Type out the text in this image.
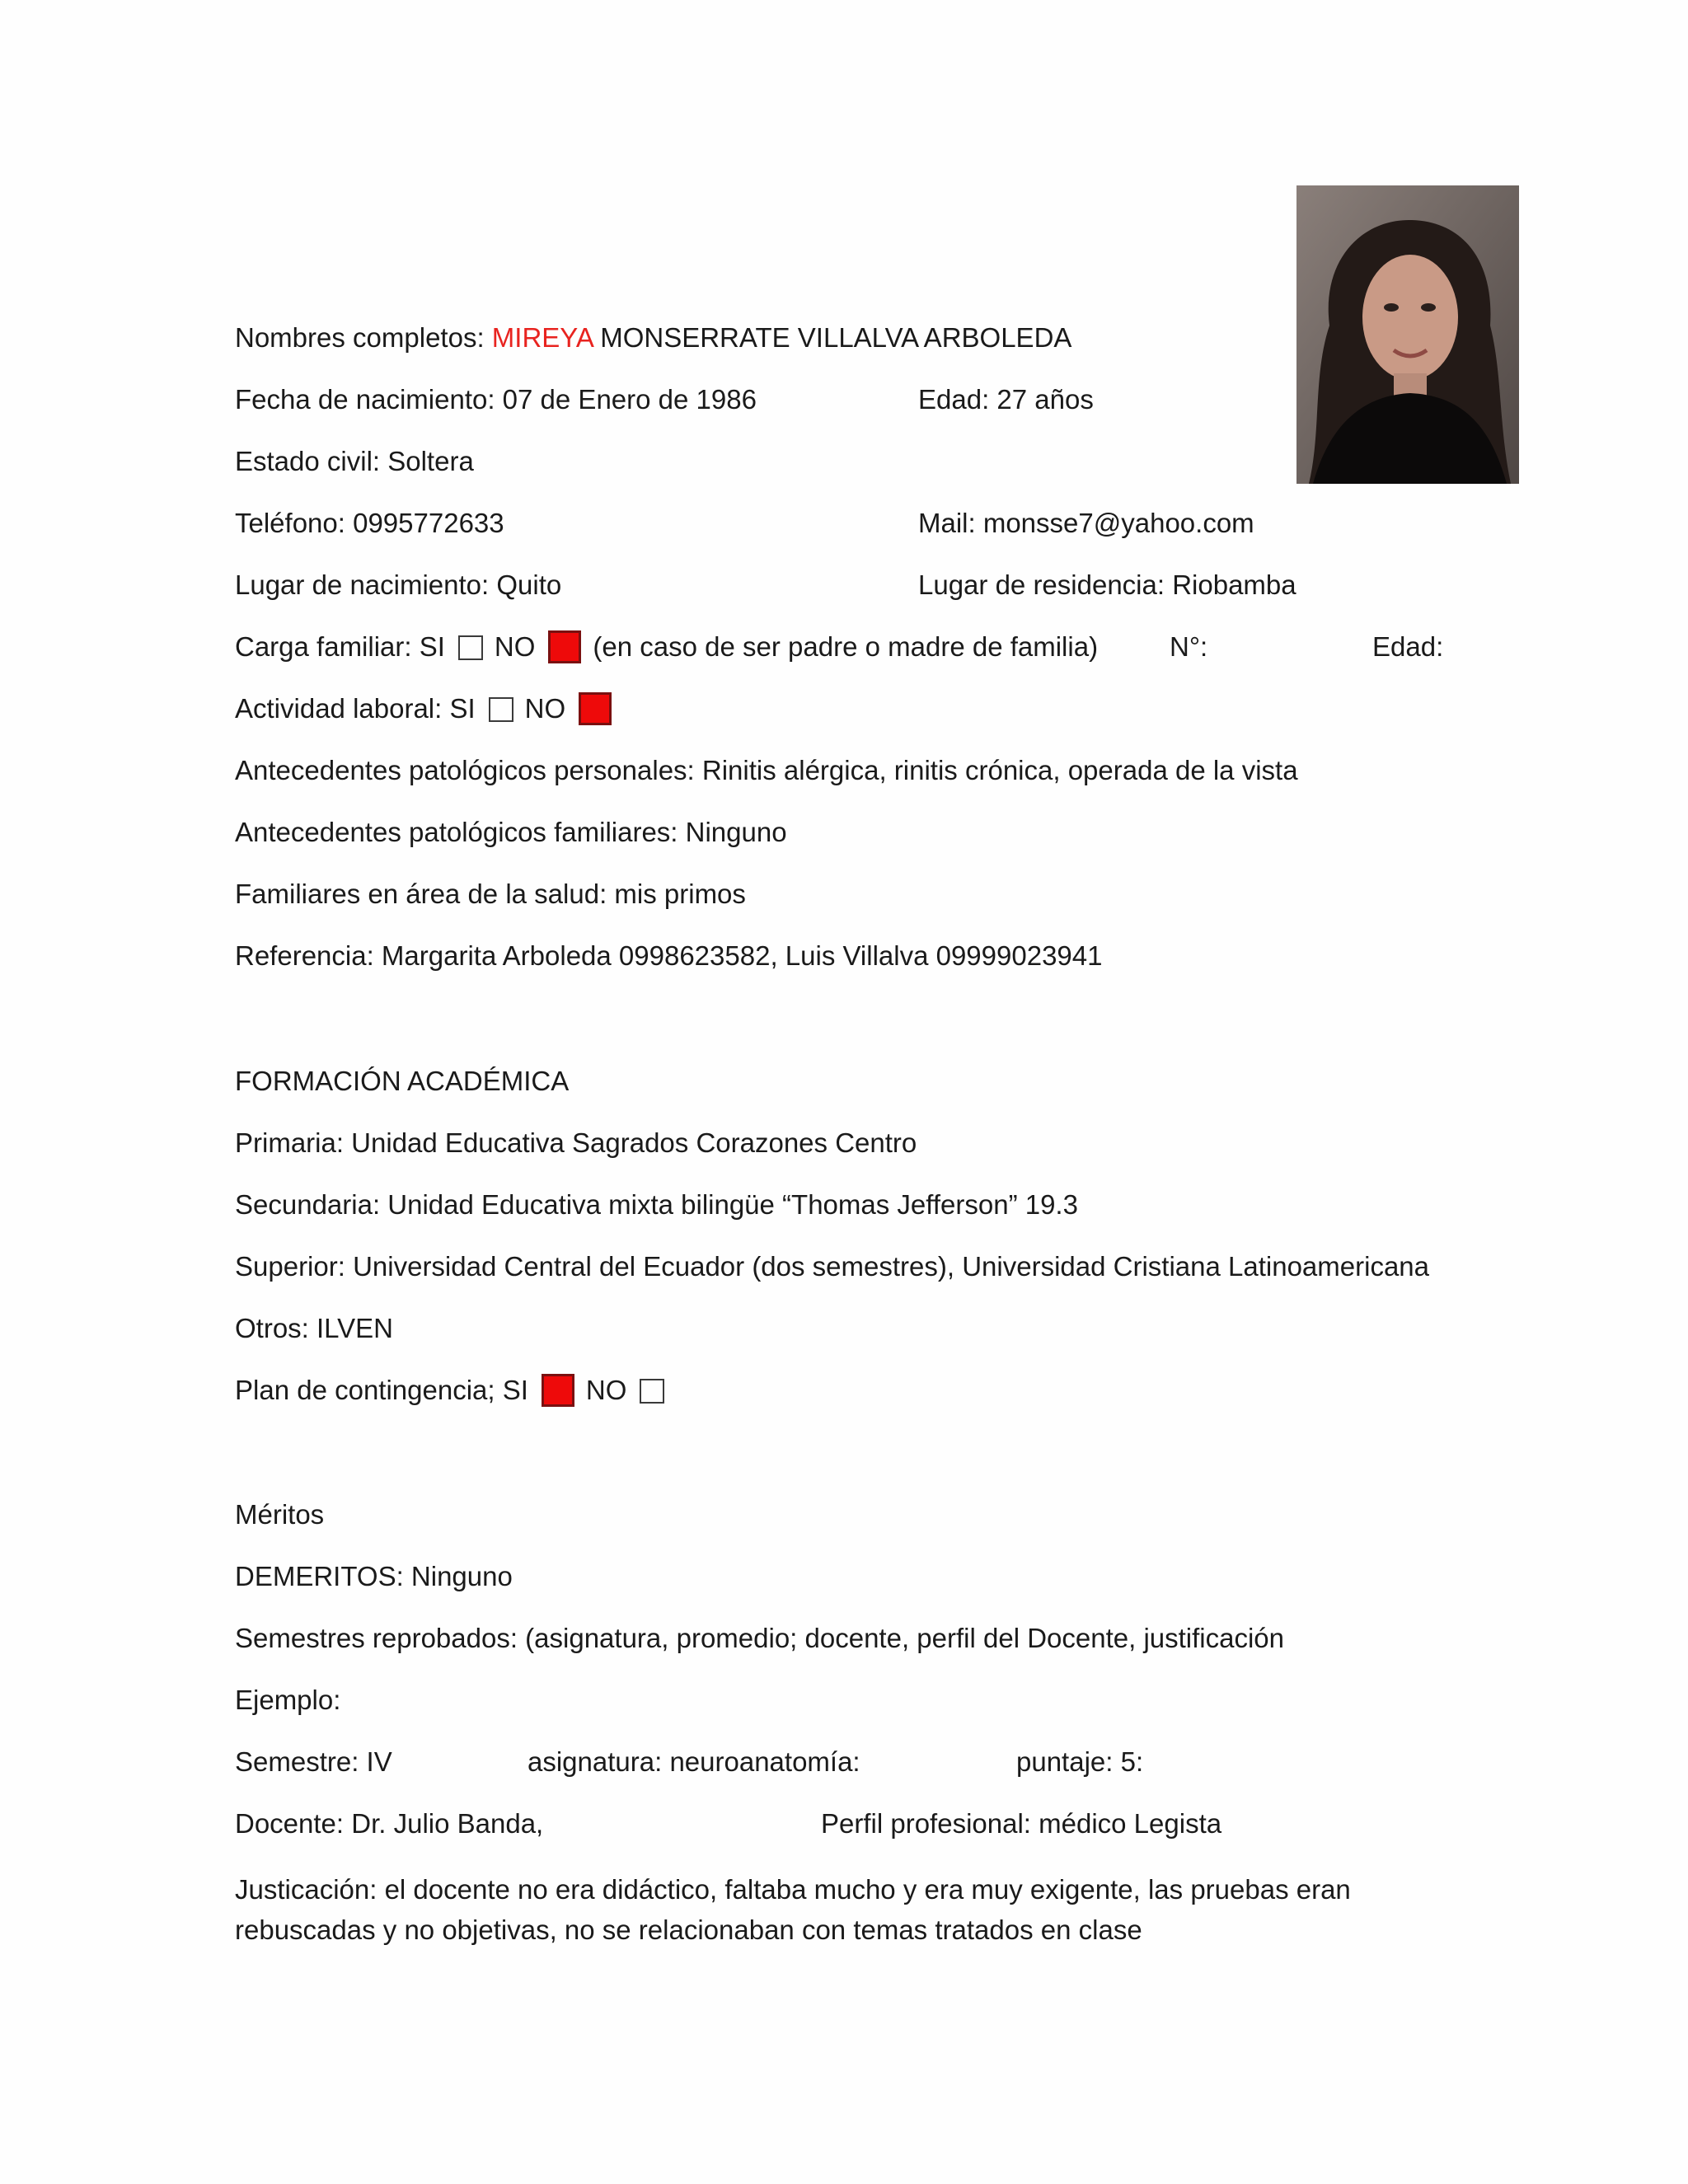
Nombres completos: MIREYA MONSERRATE VILLALVA ARBOLEDA
Fecha de nacimiento: 07 de Enero de 1986	Edad: 27 años
Estado civil: Soltera
Teléfono: 0995772633	Mail: monsse7@yahoo.com
Lugar de nacimiento: Quito	Lugar de residencia: Riobamba
Carga familiar: SI NO (en caso de ser padre o madre de familia)	N°:	Edad:
Actividad laboral: SI NO
Antecedentes patológicos personales: Rinitis alérgica, rinitis crónica, operada de la vista
Antecedentes patológicos familiares: Ninguno
Familiares en área de la salud: mis primos
Referencia: Margarita Arboleda 0998623582, Luis Villalva 09999023941
FORMACIÓN ACADÉMICA
Primaria: Unidad Educativa Sagrados Corazones Centro
Secundaria: Unidad Educativa mixta bilingüe “Thomas Jefferson” 19.3
Superior: Universidad Central del Ecuador (dos semestres), Universidad Cristiana Latinoamericana
Otros: ILVEN
Plan de contingencia; SI NO
Méritos
DEMERITOS: Ninguno
Semestres reprobados: (asignatura, promedio; docente, perfil del Docente, justificación
Ejemplo:
Semestre: IV	asignatura: neuroanatomía:	puntaje: 5:
Docente: Dr. Julio Banda,	Perfil profesional: médico Legista
Justicación: el docente no era didáctico, faltaba mucho y era muy exigente, las pruebas eran rebuscadas y no objetivas, no se relacionaban con temas tratados en clase
